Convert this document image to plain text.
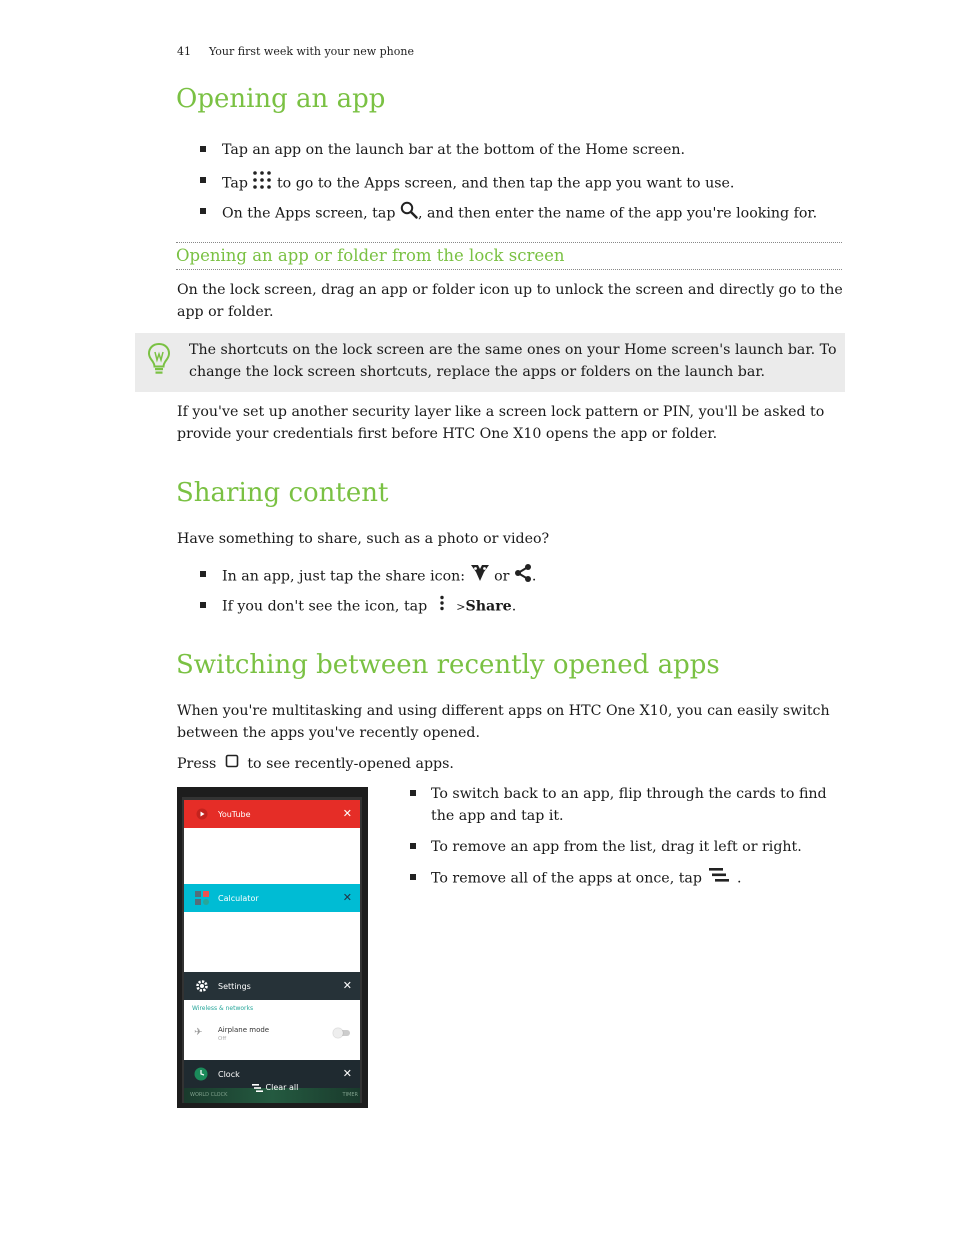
41 Your first week with your new phone
Opening an app
Tap an app on the launch bar at the bottom of the Home screen.
Tap to go to the Apps screen, and then tap the app you want to use.
On the Apps screen, tap , and then enter the name of the app you're looking for.
Opening an app or folder from the lock screen
On the lock screen, drag an app or folder icon up to unlock the screen and directly go to the app or folder.
The shortcuts on the lock screen are the same ones on your Home screen's launch bar. To change the lock screen shortcuts, replace the apps or folders on the launch bar.
If you've set up another security layer like a screen lock pattern or PIN, you'll be asked to provide your credentials first before HTC One X10 opens the app or folder.
Sharing content
Have something to share, such as a photo or video?
In an app, just tap the share icon: or .
If you don't see the icon, tap	>Share.
Switching between recently opened apps
When you're multitasking and using different apps on HTC One X10, you can easily switch between the apps you've recently opened.
Press to see recently-opened apps.
To switch back to an app, flip through the cards to find the app and tap it.
To remove an app from the list, drag it left or right.
To remove all of the apps at once, tap .
YouTube	✕
Calculator	✕
Settings	✕
Wireless & networks
✈ Airplane mode
Off
Clock	✕
WORLD CLOCK	TIMER
Clear all
